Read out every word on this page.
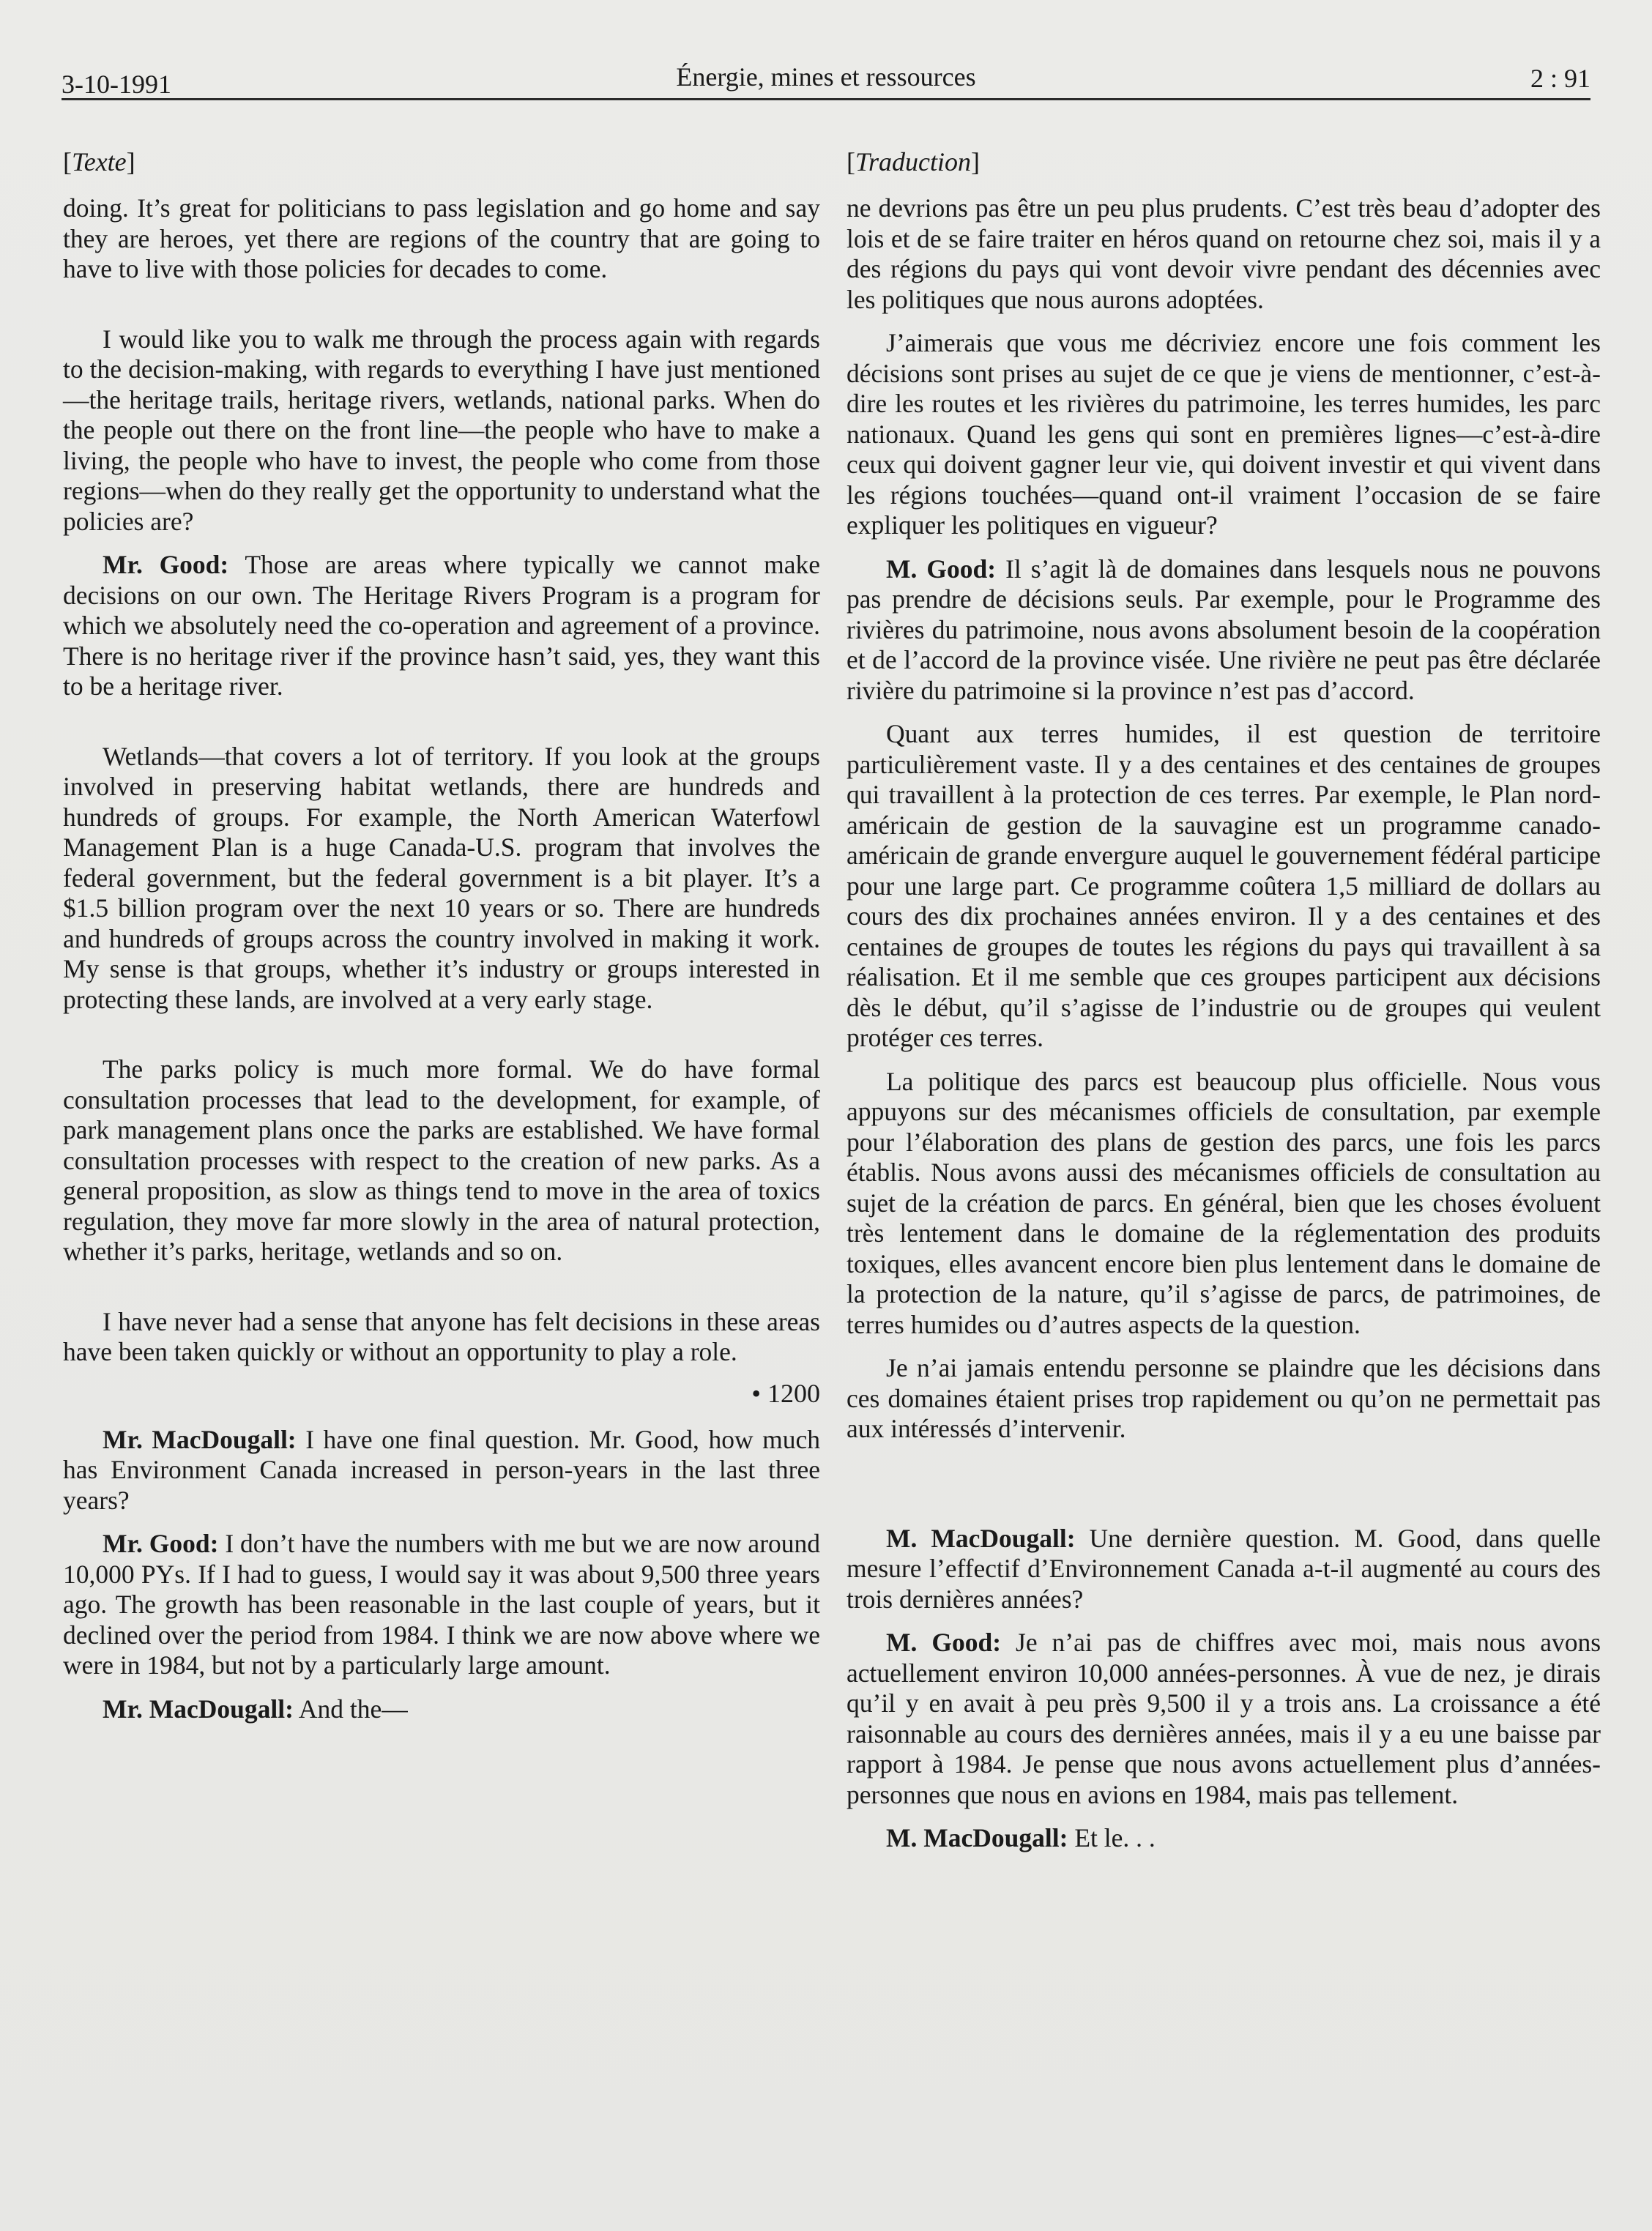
3-10-1991	Énergie, mines et ressources	2 : 91
[Texte]

doing. It’s great for politicians to pass legislation and go home and say they are heroes, yet there are regions of the country that are going to have to live with those policies for decades to come.

I would like you to walk me through the process again with regards to the decision-making, with regards to everything I have just mentioned—the heritage trails, heritage rivers, wetlands, national parks. When do the people out there on the front line—the people who have to make a living, the people who have to invest, the people who come from those regions—when do they really get the opportunity to understand what the policies are?

Mr. Good: Those are areas where typically we cannot make decisions on our own. The Heritage Rivers Program is a program for which we absolutely need the co-operation and agreement of a province. There is no heritage river if the province hasn’t said, yes, they want this to be a heritage river.

Wetlands—that covers a lot of territory. If you look at the groups involved in preserving habitat wetlands, there are hundreds and hundreds of groups. For example, the North American Waterfowl Management Plan is a huge Canada-U.S. program that involves the federal government, but the federal government is a bit player. It’s a $1.5 billion program over the next 10 years or so. There are hundreds and hundreds of groups across the country involved in making it work. My sense is that groups, whether it’s industry or groups interested in protecting these lands, are involved at a very early stage.

The parks policy is much more formal. We do have formal consultation processes that lead to the development, for example, of park management plans once the parks are established. We have formal consultation processes with respect to the creation of new parks. As a general proposition, as slow as things tend to move in the area of toxics regulation, they move far more slowly in the area of natural protection, whether it’s parks, heritage, wetlands and so on.

I have never had a sense that anyone has felt decisions in these areas have been taken quickly or without an opportunity to play a role.

• 1200

Mr. MacDougall: I have one final question. Mr. Good, how much has Environment Canada increased in person-years in the last three years?

Mr. Good: I don’t have the numbers with me but we are now around 10,000 PYs. If I had to guess, I would say it was about 9,500 three years ago. The growth has been reasonable in the last couple of years, but it declined over the period from 1984. I think we are now above where we were in 1984, but not by a particularly large amount.

Mr. MacDougall: And the—

[Traduction]

ne devrions pas être un peu plus prudents. C’est très beau d’adopter des lois et de se faire traiter en héros quand on retourne chez soi, mais il y a des régions du pays qui vont devoir vivre pendant des décennies avec les politiques que nous aurons adoptées.

J’aimerais que vous me décriviez encore une fois comment les décisions sont prises au sujet de ce que je viens de mentionner, c’est-à-dire les routes et les rivières du patrimoine, les terres humides, les parc nationaux. Quand les gens qui sont en premières lignes—c’est-à-dire ceux qui doivent gagner leur vie, qui doivent investir et qui vivent dans les régions touchées—quand ont-il vraiment l’occasion de se faire expliquer les politiques en vigueur?

M. Good: Il s’agit là de domaines dans lesquels nous ne pouvons pas prendre de décisions seuls. Par exemple, pour le Programme des rivières du patrimoine, nous avons absolument besoin de la coopération et de l’accord de la province visée. Une rivière ne peut pas être déclarée rivière du patrimoine si la province n’est pas d’accord.

Quant aux terres humides, il est question de territoire particulièrement vaste. Il y a des centaines et des centaines de groupes qui travaillent à la protection de ces terres. Par exemple, le Plan nord-américain de gestion de la sauvagine est un programme canado-américain de grande envergure auquel le gouvernement fédéral participe pour une large part. Ce programme coûtera 1,5 milliard de dollars au cours des dix prochaines années environ. Il y a des centaines et des centaines de groupes de toutes les régions du pays qui travaillent à sa réalisation. Et il me semble que ces groupes participent aux décisions dès le début, qu’il s’agisse de l’industrie ou de groupes qui veulent protéger ces terres.

La politique des parcs est beaucoup plus officielle. Nous vous appuyons sur des mécanismes officiels de consultation, par exemple pour l’élaboration des plans de gestion des parcs, une fois les parcs établis. Nous avons aussi des mécanismes officiels de consultation au sujet de la création de parcs. En général, bien que les choses évoluent très lentement dans le domaine de la réglementation des produits toxiques, elles avancent encore bien plus lentement dans le domaine de la protection de la nature, qu’il s’agisse de parcs, de patrimoines, de terres humides ou d’autres aspects de la question.

Je n’ai jamais entendu personne se plaindre que les décisions dans ces domaines étaient prises trop rapidement ou qu’on ne permettait pas aux intéressés d’intervenir.

M. MacDougall: Une dernière question. M. Good, dans quelle mesure l’effectif d’Environnement Canada a-t-il augmenté au cours des trois dernières années?

M. Good: Je n’ai pas de chiffres avec moi, mais nous avons actuellement environ 10,000 années-personnes. À vue de nez, je dirais qu’il y en avait à peu près 9,500 il y a trois ans. La croissance a été raisonnable au cours des dernières années, mais il y a eu une baisse par rapport à 1984. Je pense que nous avons actuellement plus d’années-personnes que nous en avions en 1984, mais pas tellement.

M. MacDougall: Et le. . .
